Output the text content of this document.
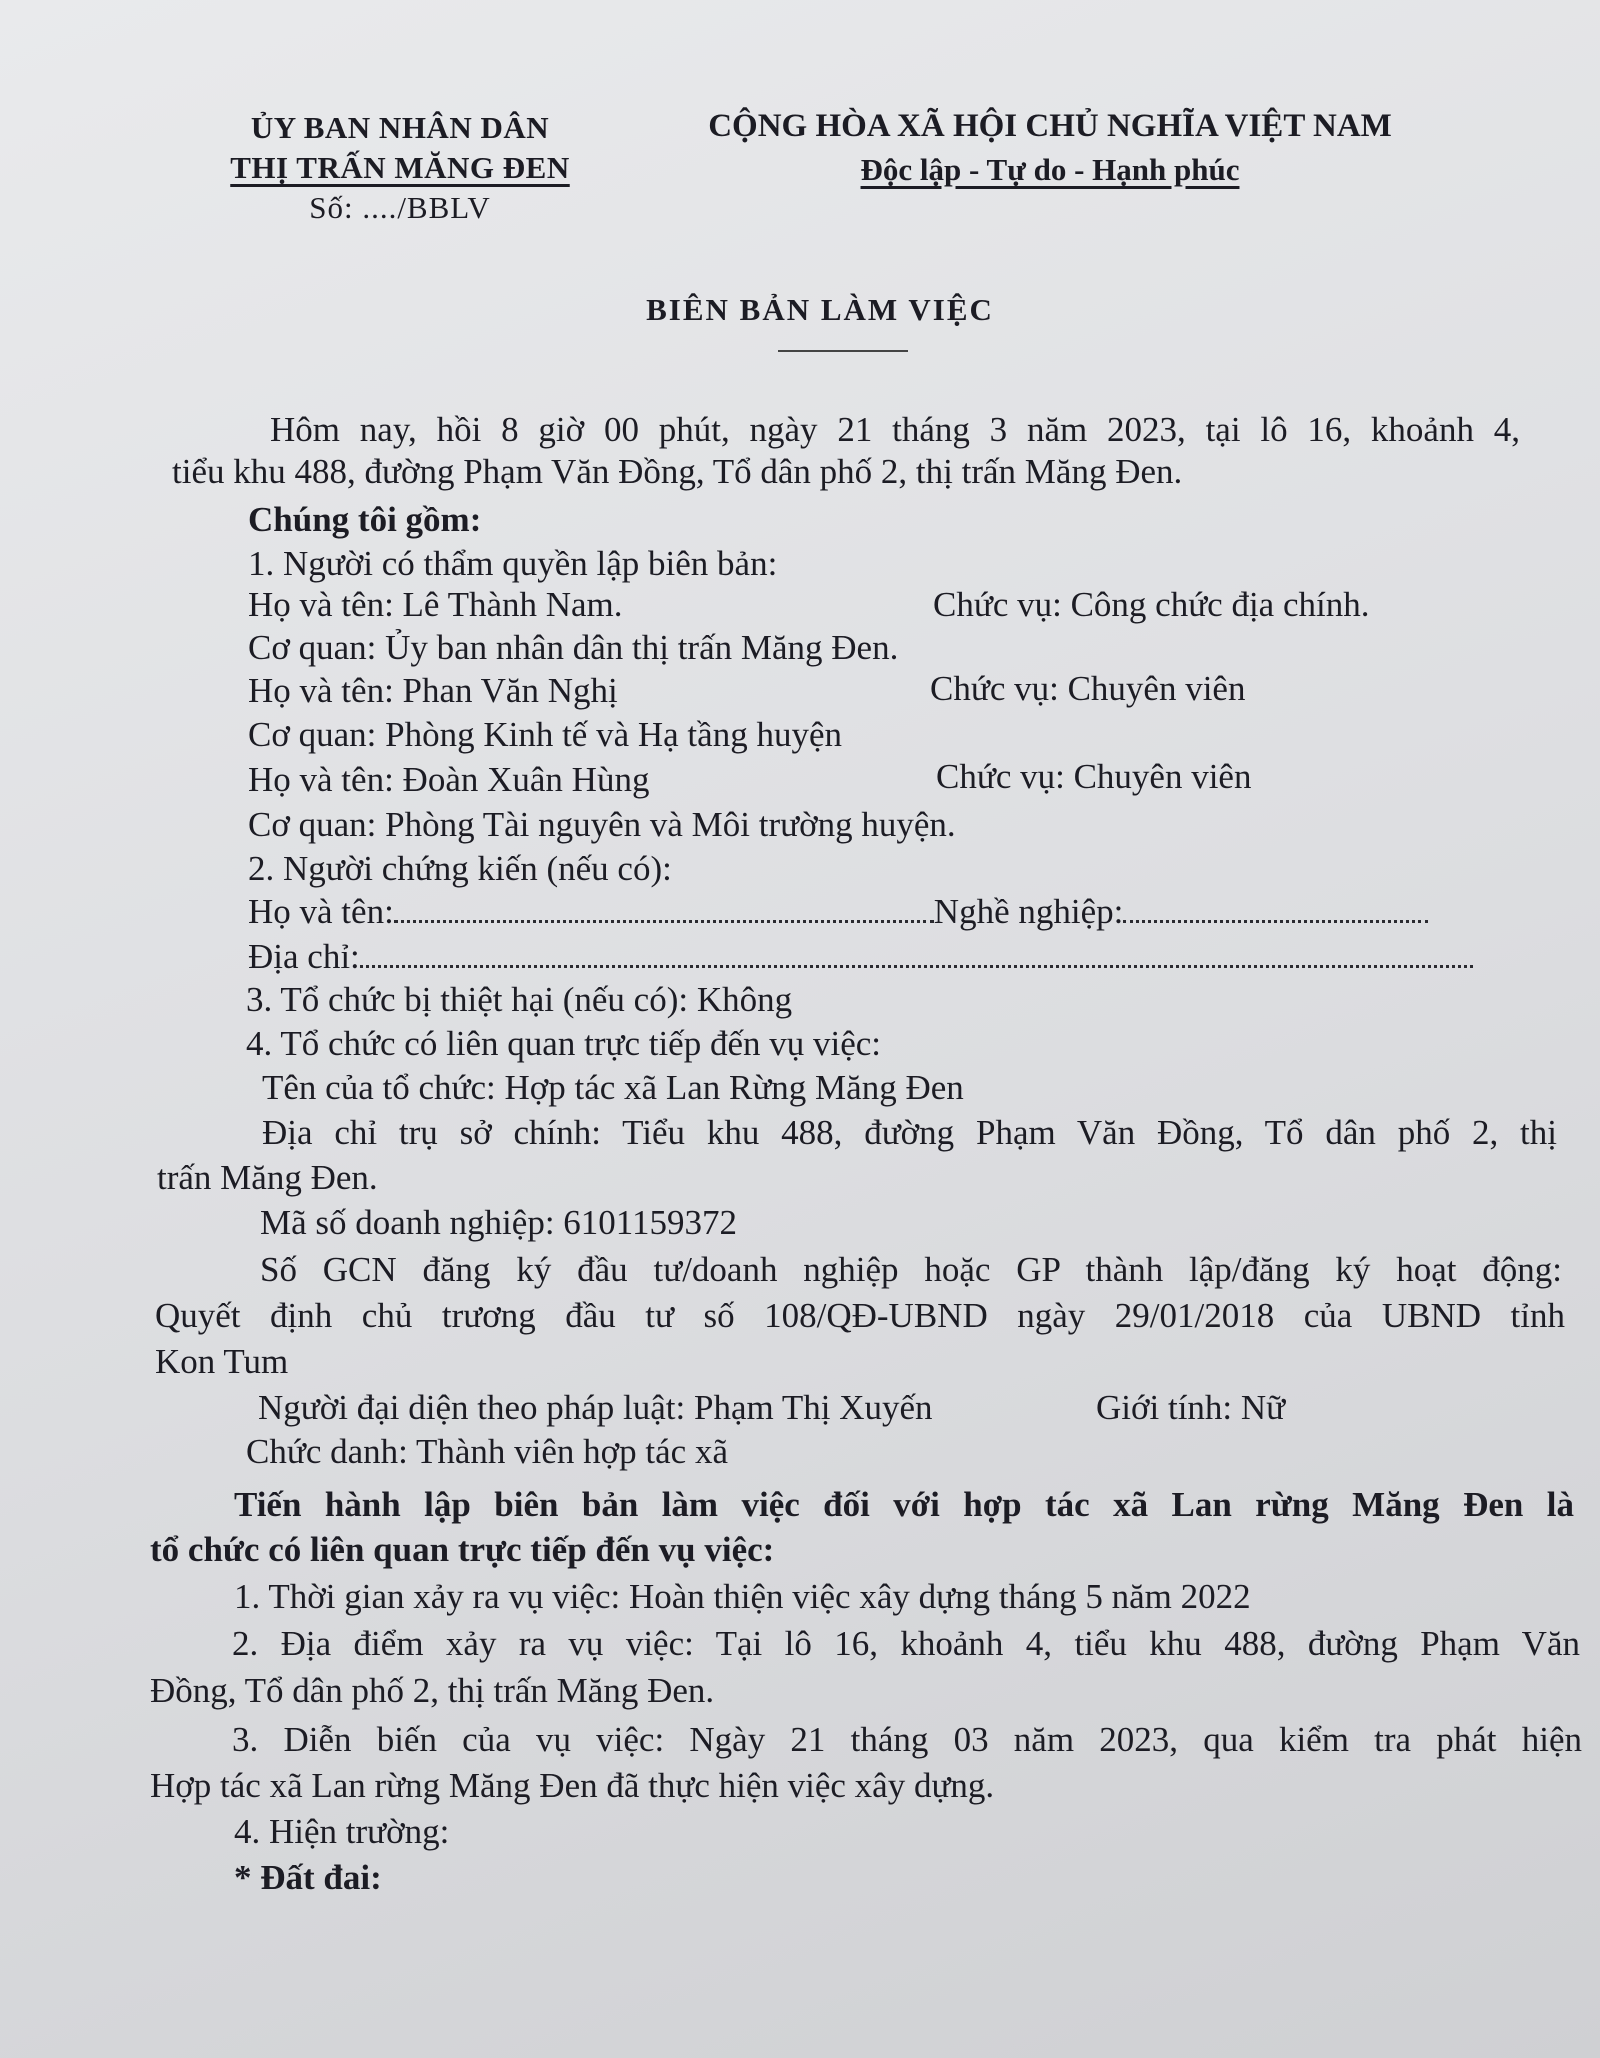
ỦY BAN NHÂN DÂN
THỊ TRẤN MĂNG ĐEN
Số: ..../BBLV
CỘNG HÒA XÃ HỘI CHỦ NGHĨA VIỆT NAM
Độc lập - Tự do - Hạnh phúc
BIÊN BẢN LÀM VIỆC
Hôm nay, hồi 8 giờ 00 phút, ngày 21 tháng 3 năm 2023, tại lô 16, khoảnh 4,
tiểu khu 488, đường Phạm Văn Đồng, Tổ dân phố 2, thị trấn Măng Đen.
Chúng tôi gồm:
1. Người có thẩm quyền lập biên bản:
Họ và tên: Lê Thành Nam.	Chức vụ: Công chức địa chính.
Cơ quan: Ủy ban nhân dân thị trấn Măng Đen.
Họ và tên: Phan Văn Nghị	Chức vụ: Chuyên viên
Cơ quan: Phòng Kinh tế và Hạ tầng huyện
Họ và tên: Đoàn Xuân Hùng	Chức vụ: Chuyên viên
Cơ quan: Phòng Tài nguyên và Môi trường huyện.
2. Người chứng kiến (nếu có):
Họ và tên:	Nghề nghiệp:
Địa chỉ:
3. Tổ chức bị thiệt hại (nếu có): Không
4. Tổ chức có liên quan trực tiếp đến vụ việc:
Tên của tổ chức: Hợp tác xã Lan Rừng Măng Đen
Địa chỉ trụ sở chính: Tiểu khu 488, đường Phạm Văn Đồng, Tổ dân phố 2, thị
trấn Măng Đen.
Mã số doanh nghiệp: 6101159372
Số GCN đăng ký đầu tư/doanh nghiệp hoặc GP thành lập/đăng ký hoạt động:
Quyết định chủ trương đầu tư số 108/QĐ-UBND ngày 29/01/2018 của UBND tỉnh
Kon Tum
Người đại diện theo pháp luật: Phạm Thị Xuyến	Giới tính: Nữ
Chức danh: Thành viên hợp tác xã
Tiến hành lập biên bản làm việc đối với hợp tác xã Lan rừng Măng Đen là
tổ chức có liên quan trực tiếp đến vụ việc:
1. Thời gian xảy ra vụ việc: Hoàn thiện việc xây dựng tháng 5 năm 2022
2. Địa điểm xảy ra vụ việc: Tại lô 16, khoảnh 4, tiểu khu 488, đường Phạm Văn
Đồng, Tổ dân phố 2, thị trấn Măng Đen.
3. Diễn biến của vụ việc: Ngày 21 tháng 03 năm 2023, qua kiểm tra phát hiện
Hợp tác xã Lan rừng Măng Đen đã thực hiện việc xây dựng.
4. Hiện trường:
* Đất đai:
